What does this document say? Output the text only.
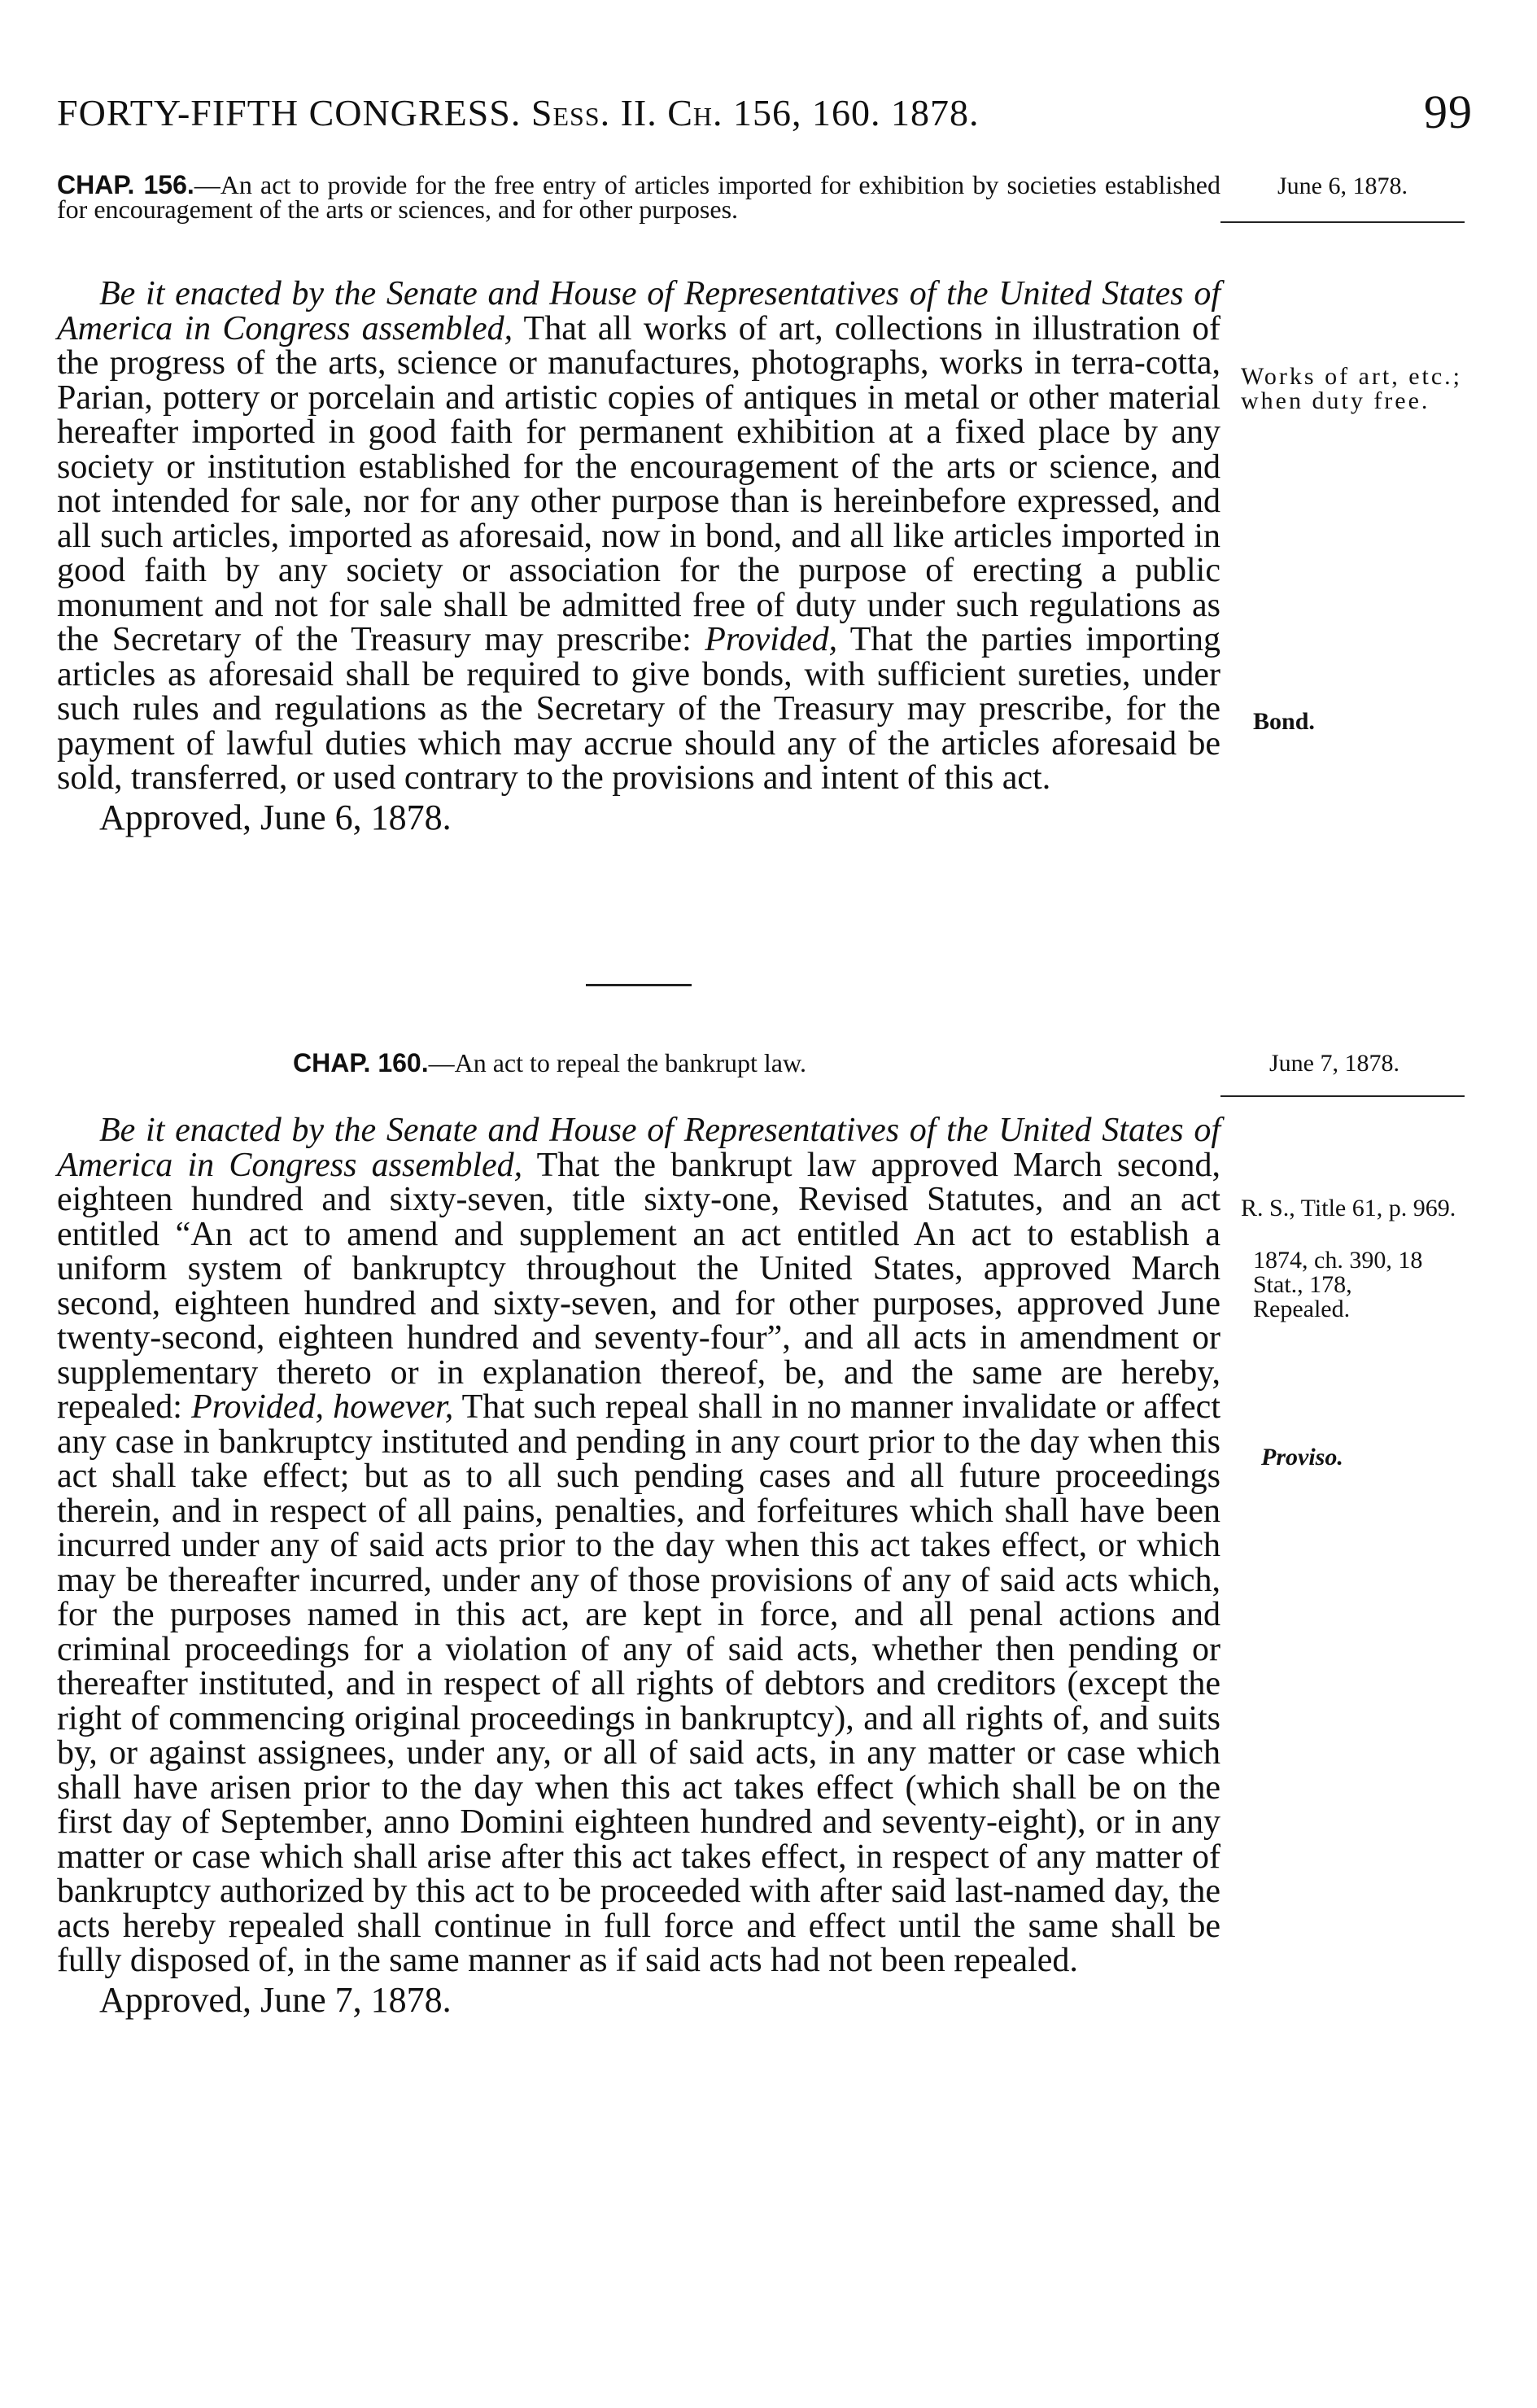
FORTY-FIFTH CONGRESS. Sess. II. Ch. 156, 160. 1878.	99
CHAP. 156.—An act to provide for the free entry of articles imported for exhibition by societies established for encouragement of the arts or sciences, and for other purposes.
June 6, 1878.

Be it enacted by the Senate and House of Representatives of the United States of America in Congress assembled, That all works of art, collections in illustration of the progress of the arts, science or manufactures, photographs, works in terra-cotta, Parian, pottery or porcelain and artistic copies of antiques in metal or other material hereafter imported in good faith for permanent exhibition at a fixed place by any society or institution established for the encouragement of the arts or science, and not intended for sale, nor for any other purpose than is hereinbefore expressed, and all such articles, imported as aforesaid, now in bond, and all like articles imported in good faith by any society or association for the purpose of erecting a public monument and not for sale shall be admitted free of duty under such regulations as the Secretary of the Treasury may prescribe: Provided, That the parties importing articles as aforesaid shall be required to give bonds, with sufficient sureties, under such rules and regulations as the Secretary of the Treasury may prescribe, for the payment of lawful duties which may accrue should any of the articles aforesaid be sold, transferred, or used contrary to the provisions and intent of this act.

Approved, June 6, 1878.

Works of art, etc.; when duty free.
Bond.
CHAP. 160.—An act to repeal the bankrupt law.	June 7, 1878.

Be it enacted by the Senate and House of Representatives of the United States of America in Congress assembled, That the bankrupt law approved March second, eighteen hundred and sixty-seven, title sixty-one, Revised Statutes, and an act entitled “An act to amend and supplement an act entitled An act to establish a uniform system of bankruptcy throughout the United States, approved March second, eighteen hundred and sixty-seven, and for other purposes, approved June twenty-second, eighteen hundred and seventy-four”, and all acts in amendment or supplementary thereto or in explanation thereof, be, and the same are hereby, repealed: Provided, however, That such repeal shall in no manner invalidate or affect any case in bankruptcy instituted and pending in any court prior to the day when this act shall take effect; but as to all such pending cases and all future proceedings therein, and in respect of all pains, penalties, and forfeitures which shall have been incurred under any of said acts prior to the day when this act takes effect, or which may be thereafter incurred, under any of those provisions of any of said acts which, for the purposes named in this act, are kept in force, and all penal actions and criminal proceedings for a violation of any of said acts, whether then pending or thereafter instituted, and in respect of all rights of debtors and creditors (except the right of commencing original proceedings in bankruptcy), and all rights of, and suits by, or against assignees, under any, or all of said acts, in any matter or case which shall have arisen prior to the day when this act takes effect (which shall be on the first day of September, anno Domini eighteen hundred and seventy-eight), or in any matter or case which shall arise after this act takes effect, in respect of any matter of bankruptcy authorized by this act to be proceeded with after said last-named day, the acts hereby repealed shall continue in full force and effect until the same shall be fully disposed of, in the same manner as if said acts had not been repealed.

Approved, June 7, 1878.

R. S., Title 61, p. 969.
1874, ch. 390, 18 Stat., 178, Repealed.
Proviso.
